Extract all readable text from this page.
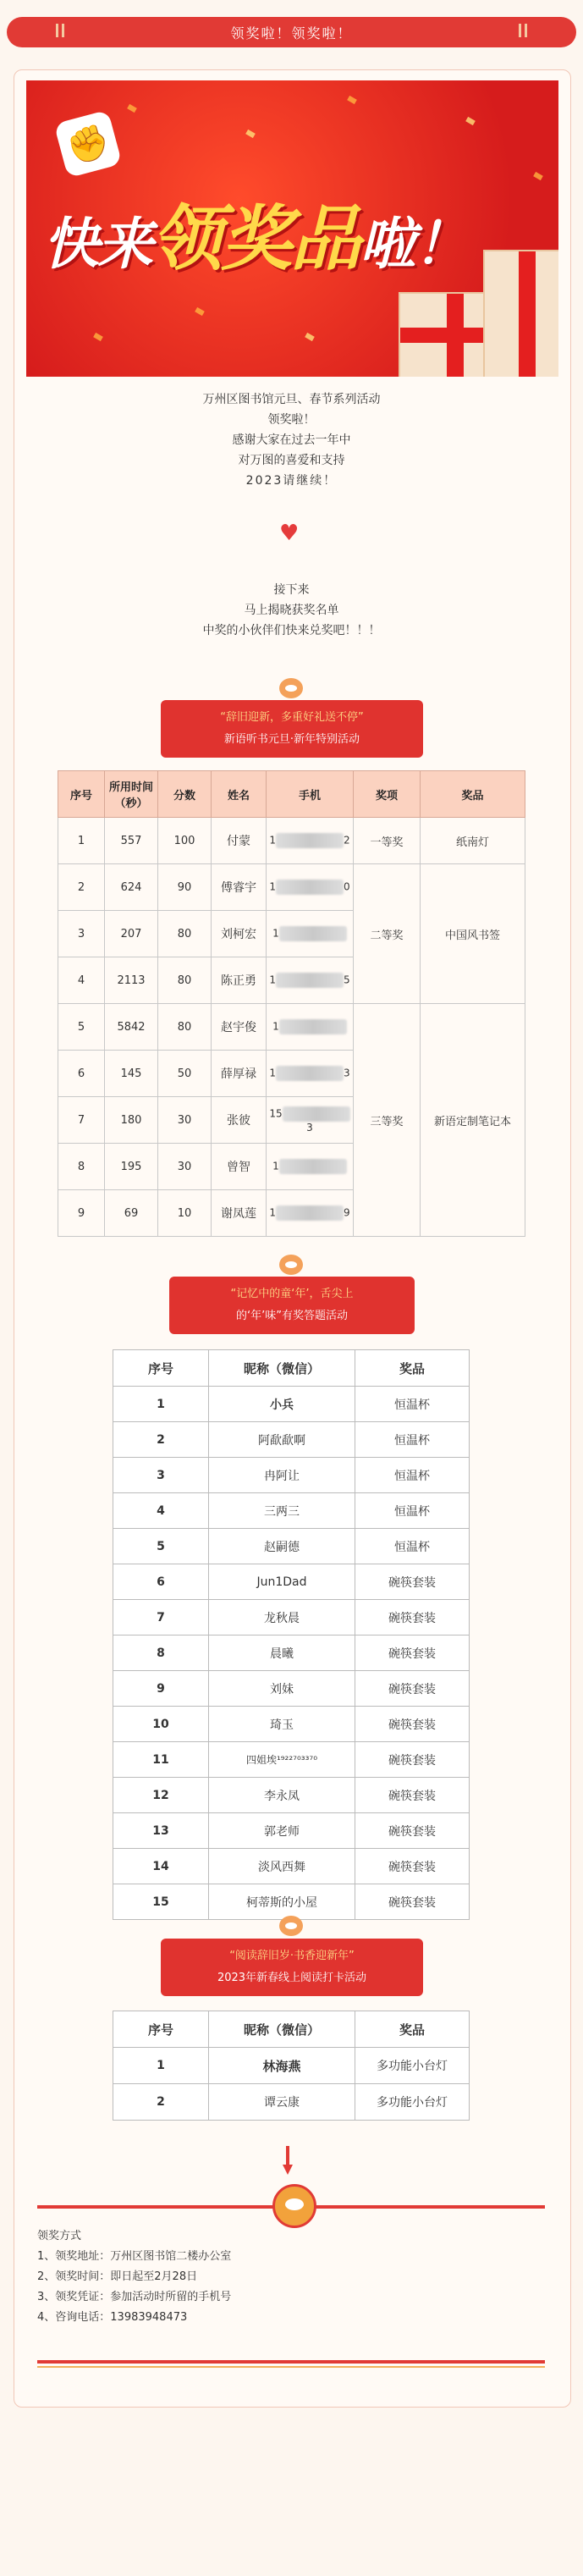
领奖啦！领奖啦！
✊
快来领奖品啦！
万州区图书馆元旦、春节系列活动
领奖啦！
感谢大家在过去一年中
对万图的喜爱和支持
2023请继续！
♥
接下来
马上揭晓获奖名单
中奖的小伙伴们快来兑奖吧！！！
“辞旧迎新，多重好礼送不停”
新语听书元旦·新年特别活动
序号	所用时间（秒）	分数	姓名	手机	奖项	奖品
1	557	100	付蒙	1 2	一等奖	纸南灯
2	624	90	傅睿宇	1 0	二等奖	中国风书签
3	207	80	刘柯宏	1		
4	2113	80	陈正勇	1 5		
5	5842	80	赵宇俊	1	三等奖	新语定制笔记本
6	145	50	薛厚禄	1 3		
7	180	30	张彼	153		
8	195	30	曾智	1		
9	69	10	谢凤莲	1 9		
“记忆中的童‘年’，舌尖上
的‘年’味”有奖答题活动
序号	昵称（微信）	奖品
1	小兵	恒温杯
2	阿歃歃啊	恒温杯
3	冉阿让	恒温杯
4	三两三	恒温杯
5	赵嗣德	恒温杯
6	Jun1Dad	碗筷套装
7	龙秋晨	碗筷套装
8	晨曦	碗筷套装
9	刘妹	碗筷套装
10	琦玉	碗筷套装
11	四姐埃¹⁹²²⁷⁰³³⁷⁰	碗筷套装
12	李永凤	碗筷套装
13	郭老师	碗筷套装
14	淡风西舞	碗筷套装
15	柯蒂斯的小屋	碗筷套装
“阅读辞旧岁·书香迎新年”
2023年新春线上阅读打卡活动
序号	昵称（微信）	奖品
1	林海燕	多功能小台灯
2	谭云康	多功能小台灯
领奖方式
1、领奖地址：万州区图书馆二楼办公室
2、领奖时间：即日起至2月28日
3、领奖凭证：参加活动时所留的手机号
4、咨询电话：13983948473
